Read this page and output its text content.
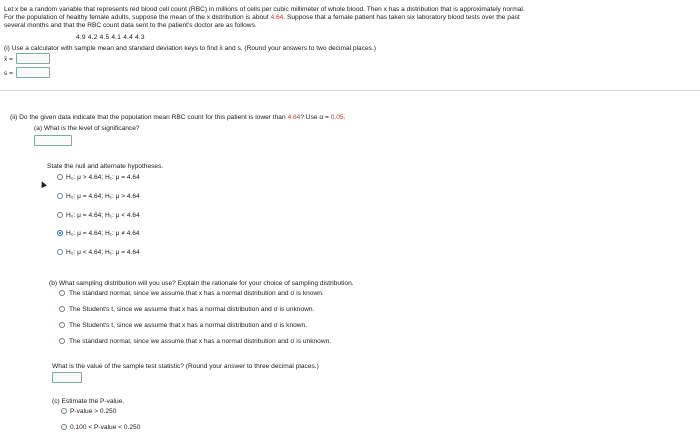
Let x be a random variable that represents red blood cell count (RBC) in millions of cells per cubic millimeter of whole blood. Then x has a distribution that is approximately normal.
For the population of healthy female adults, suppose the mean of the x distribution is about 4.64. Suppose that a female patient has taken six laboratory blood tests over the past
several months and that the RBC count data sent to the patient's doctor are as follows.
4.9 4.2 4.5 4.1 4.4 4.3
(i) Use a calculator with sample mean and standard deviation keys to find x̄ and s. (Round your answers to two decimal places.)
x̄ =
s =
(ii) Do the given data indicate that the population mean RBC count for this patient is lower than 4.64? Use α = 0.05.
(a) What is the level of significance?
State the null and alternate hypotheses.
H₀: μ > 4.64; H₁: μ = 4.64
H₀: μ = 4.64; H₁: μ > 4.64
H₀: μ = 4.64; H₁: μ < 4.64
H₀: μ = 4.64; H₁: μ ≠ 4.64
H₀: μ < 4.64; H₁: μ = 4.64
(b) What sampling distribution will you use? Explain the rationale for your choice of sampling distribution.
The standard normal, since we assume that x has a normal distribution and σ is known.
The Student's t, since we assume that x has a normal distribution and σ is unknown.
The Student's t, since we assume that x has a normal distribution and σ is known.
The standard normal, since we assume that x has a normal distribution and σ is unknown.
What is the value of the sample test statistic? (Round your answer to three decimal places.)
(c) Estimate the P-value.
P-value > 0.250
0.100 < P-value < 0.250
